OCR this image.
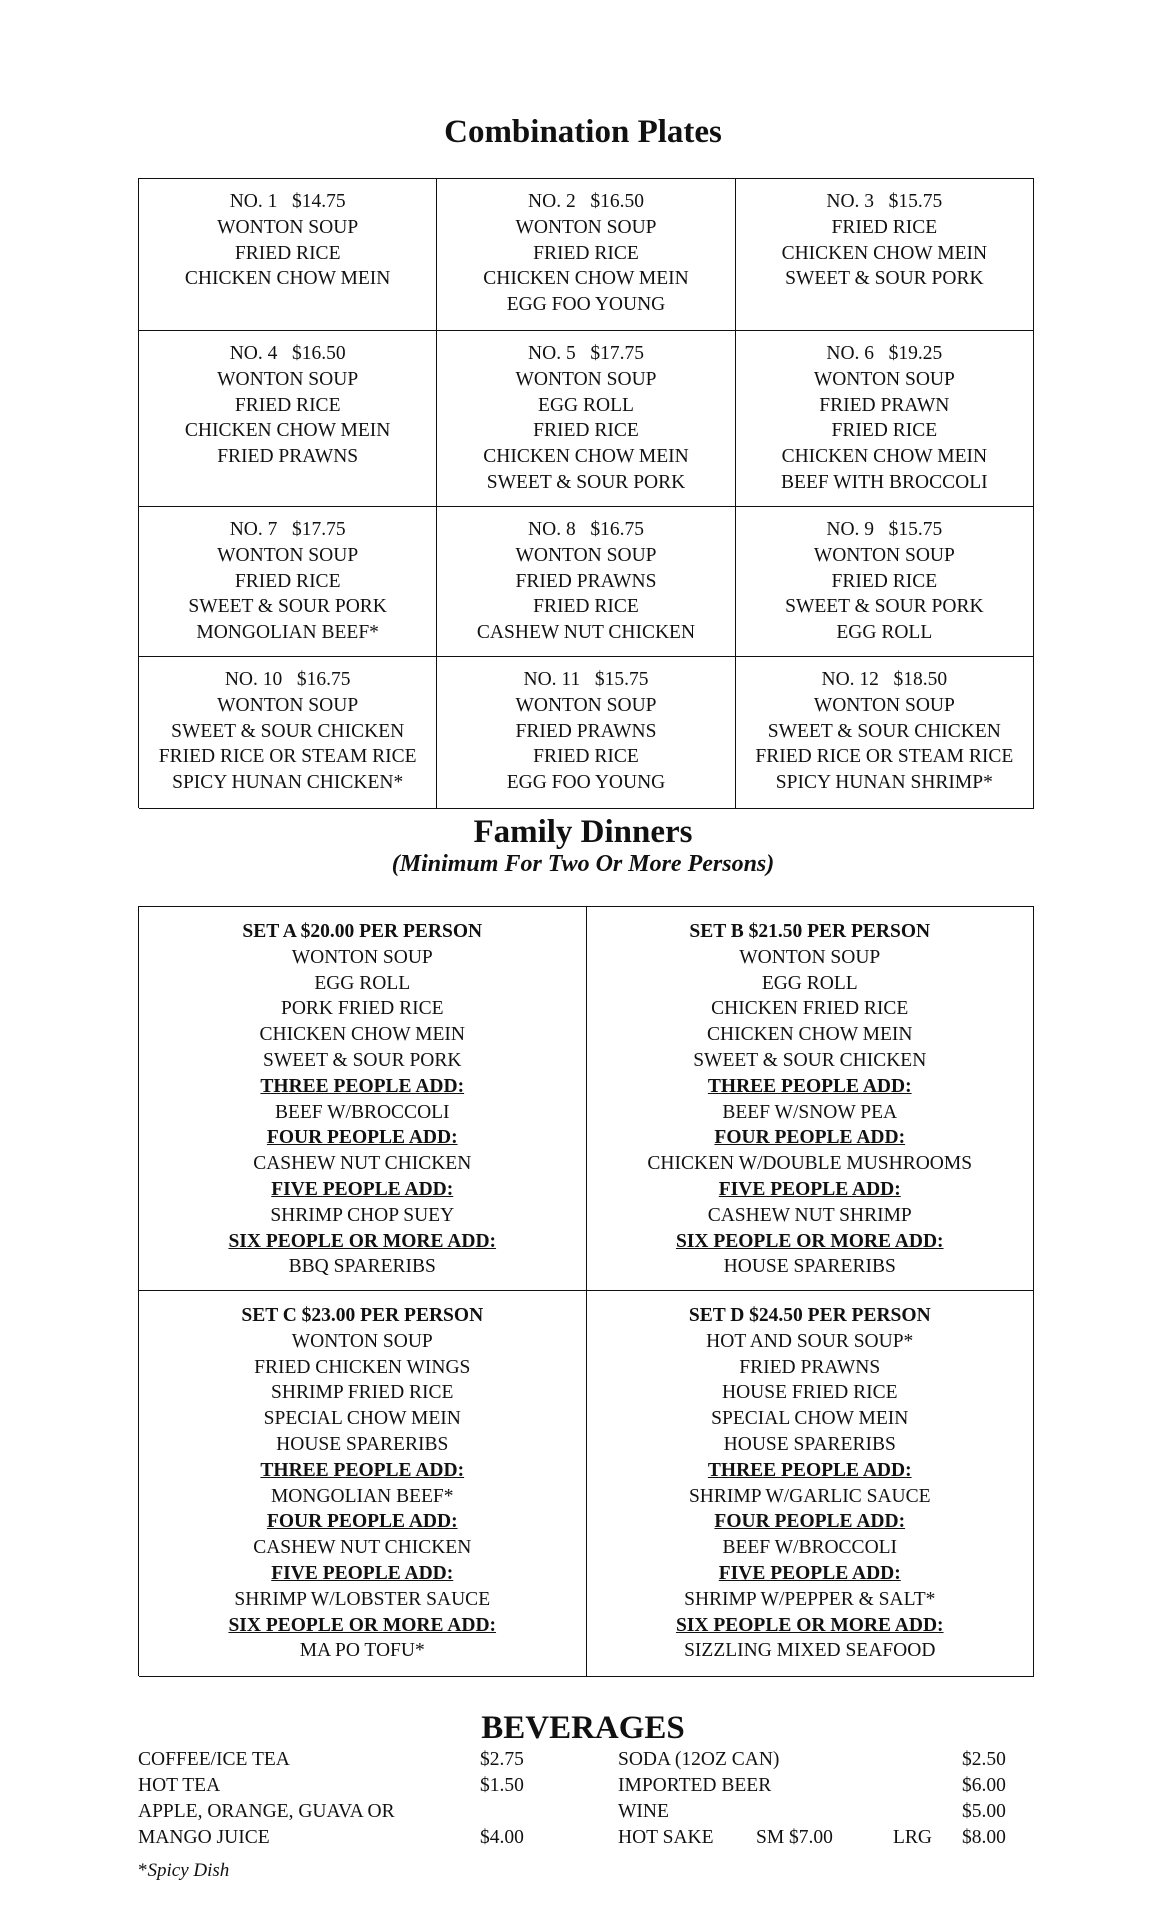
Combination Plates
NO. 1   $14.75
WONTON SOUP
FRIED RICE
CHICKEN CHOW MEIN
NO. 2   $16.50
WONTON SOUP
FRIED RICE
CHICKEN CHOW MEIN
EGG FOO YOUNG
NO. 3   $15.75
FRIED RICE
CHICKEN CHOW MEIN
SWEET & SOUR PORK
NO. 4   $16.50
WONTON SOUP
FRIED RICE
CHICKEN CHOW MEIN
FRIED PRAWNS
NO. 5   $17.75
WONTON SOUP
EGG ROLL
FRIED RICE
CHICKEN CHOW MEIN
SWEET & SOUR PORK
NO. 6   $19.25
WONTON SOUP
FRIED PRAWN
FRIED RICE
CHICKEN CHOW MEIN
BEEF WITH BROCCOLI
NO. 7   $17.75
WONTON SOUP
FRIED RICE
SWEET & SOUR PORK
MONGOLIAN BEEF*
NO. 8   $16.75
WONTON SOUP
FRIED PRAWNS
FRIED RICE
CASHEW NUT CHICKEN
NO. 9   $15.75
WONTON SOUP
FRIED RICE
SWEET & SOUR PORK
EGG ROLL
NO. 10   $16.75
WONTON SOUP
SWEET & SOUR CHICKEN
FRIED RICE OR STEAM RICE
SPICY HUNAN CHICKEN*
NO. 11   $15.75
WONTON SOUP
FRIED PRAWNS
FRIED RICE
EGG FOO YOUNG
NO. 12   $18.50
WONTON SOUP
SWEET & SOUR CHICKEN
FRIED RICE OR STEAM RICE
SPICY HUNAN SHRIMP*
Family Dinners
(Minimum For Two Or More Persons)
SET A $20.00 PER PERSON
WONTON SOUP
EGG ROLL
PORK FRIED RICE
CHICKEN CHOW MEIN
SWEET & SOUR PORK
THREE PEOPLE ADD:
BEEF W/BROCCOLI
FOUR PEOPLE ADD:
CASHEW NUT CHICKEN
FIVE PEOPLE ADD:
SHRIMP CHOP SUEY
SIX PEOPLE OR MORE ADD:
BBQ SPARERIBS
SET B $21.50 PER PERSON
WONTON SOUP
EGG ROLL
CHICKEN FRIED RICE
CHICKEN CHOW MEIN
SWEET & SOUR CHICKEN
THREE PEOPLE ADD:
BEEF W/SNOW PEA
FOUR PEOPLE ADD:
CHICKEN W/DOUBLE MUSHROOMS
FIVE PEOPLE ADD:
CASHEW NUT SHRIMP
SIX PEOPLE OR MORE ADD:
HOUSE SPARERIBS
SET C $23.00 PER PERSON
WONTON SOUP
FRIED CHICKEN WINGS
SHRIMP FRIED RICE
SPECIAL CHOW MEIN
HOUSE SPARERIBS
THREE PEOPLE ADD:
MONGOLIAN BEEF*
FOUR PEOPLE ADD:
CASHEW NUT CHICKEN
FIVE PEOPLE ADD:
SHRIMP W/LOBSTER SAUCE
SIX PEOPLE OR MORE ADD:
MA PO TOFU*
SET D $24.50 PER PERSON
HOT AND SOUR SOUP*
FRIED PRAWNS
HOUSE FRIED RICE
SPECIAL CHOW MEIN
HOUSE SPARERIBS
THREE PEOPLE ADD:
SHRIMP W/GARLIC SAUCE
FOUR PEOPLE ADD:
BEEF W/BROCCOLI
FIVE PEOPLE ADD:
SHRIMP W/PEPPER & SALT*
SIX PEOPLE OR MORE ADD:
SIZZLING MIXED SEAFOOD
BEVERAGES
COFFEE/ICE TEA	$2.75
HOT TEA	$1.50
APPLE, ORANGE, GUAVA OR
MANGO JUICE	$4.00
SODA (12OZ CAN)	$2.50
IMPORTED BEER	$6.00
WINE	$5.00
HOT SAKE SM $7.00	LRG $8.00
*Spicy Dish
